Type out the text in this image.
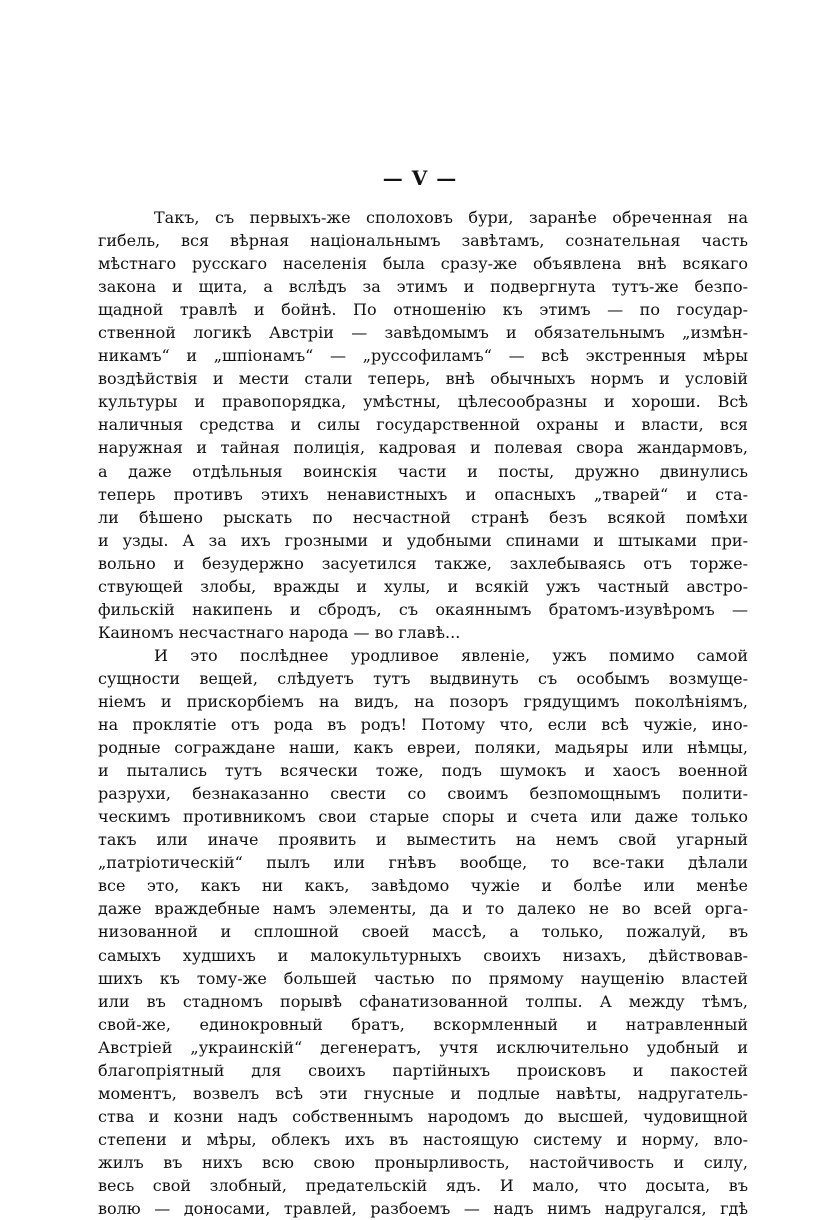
— V —
Такъ, съ первыхъ-же сполоховъ бури, заранѣе обреченная на
гибель, вся вѣрная національнымъ завѣтамъ, сознательная часть
мѣстнаго русскаго населенія была сразу-же объявлена внѣ всякаго
закона и щита, а вслѣдъ за этимъ и подвергнута тутъ-же безпо-
щадной травлѣ и бойнѣ. По отношенію къ этимъ — по государ-
ственной логикѣ Австріи — завѣдомымъ и обязательнымъ „измѣн-
никамъ“ и „шпіонамъ“ — „руссофиламъ“ — всѣ экстренныя мѣры
воздѣйствія и мести стали теперь, внѣ обычныхъ нормъ и условій
культуры и правопорядка, умѣстны, цѣлесообразны и хороши. Всѣ
наличныя средства и силы государственной охраны и власти, вся
наружная и тайная полиція, кадровая и полевая свора жандармовъ,
а даже отдѣльныя воинскія части и посты, дружно двинулись
теперь противъ этихъ ненавистныхъ и опасныхъ „тварей“ и ста-
ли бѣшено рыскать по несчастной странѣ безъ всякой помѣхи
и узды. А за ихъ грозными и удобными спинами и штыками при-
вольно и безудержно засуетился также, захлебываясь отъ торже-
ствующей злобы, вражды и хулы, и всякій ужъ частный австро-
фильскій накипень и сбродъ, съ окаяннымъ братомъ-изувѣромъ —
Каиномъ несчастнаго народа — во главѣ...
И это послѣднее уродливое явленіе, ужъ помимо самой
сущности вещей, слѣдуетъ тутъ выдвинуть съ особымъ возмуще-
ніемъ и прискорбіемъ на видъ, на позоръ грядущимъ поколѣніямъ,
на проклятіе отъ рода въ родъ! Потому что, если всѣ чужіе, ино-
родные сограждане наши, какъ евреи, поляки, мадьяры или нѣмцы,
и пытались тутъ всячески тоже, подъ шумокъ и хаосъ военной
разрухи, безнаказанно свести со своимъ безпомощнымъ полити-
ческимъ противникомъ свои старые споры и счета или даже только
такъ или иначе проявить и выместить на немъ свой угарный
„патріотическій“ пылъ или гнѣвъ вообще, то все-таки дѣлали
все это, какъ ни какъ, завѣдомо чужіе и болѣе или менѣе
даже враждебные намъ элементы, да и то далеко не во всей орга-
низованной и сплошной своей массѣ, а только, пожалуй, въ
самыхъ худшихъ и малокультурныхъ своихъ низахъ, дѣйствовав-
шихъ къ тому-же большей частью по прямому наущенію властей
или въ стадномъ порывѣ сфанатизованной толпы. А между тѣмъ,
свой-же, единокровный братъ, вскормленный и натравленный
Австріей „украинскій“ дегенератъ, учтя исключительно удобный и
благопріятный для своихъ партійныхъ происковъ и пакостей
моментъ, возвелъ всѣ эти гнусные и подлые навѣты, надругатель-
ства и козни надъ собственнымъ народомъ до высшей, чудовищной
степени и мѣры, облекъ ихъ въ настоящую систему и норму, вло-
жилъ въ нихъ всю свою пронырливость, настойчивость и силу,
весь свой злобный, предательскій ядъ. И мало, что досыта, въ
волю — доносами, травлей, разбоемъ — надъ нимъ надругался, гдѣ
